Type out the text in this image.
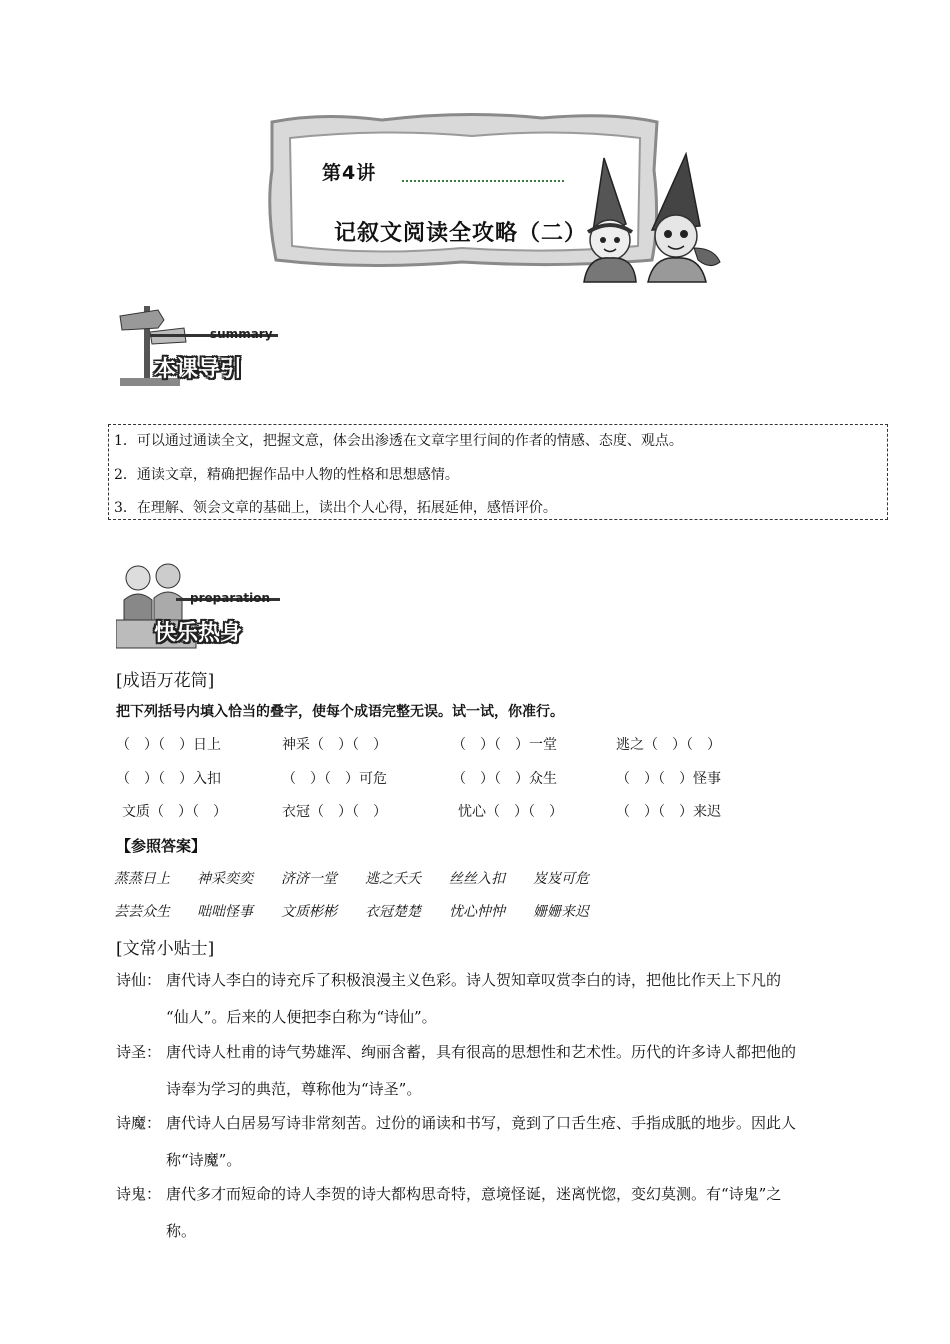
第4讲
记叙文阅读全攻略（二）
summary
本课导引
1．可以通过通读全文，把握文意，体会出渗透在文章字里行间的作者的情感、态度、观点。
2．通读文章，精确把握作品中人物的性格和思想感情。
3．在理解、领会文章的基础上，读出个人心得，拓展延伸，感悟评价。
preparation
快乐热身
[成语万花筒]
把下列括号内填入恰当的叠字，使每个成语完整无误。试一试，你准行。
（　）（　）日上	神采（　）（　）	（　）（　）一堂	逃之（　）（　）
（　）（　）入扣	（　）（　）可危	（　）（　）众生	（　）（　）怪事
文质（　）（　）	衣冠（　）（　）	忧心（　）（　）	（　）（　）来迟
【参照答案】
蒸蒸日上 神采奕奕 济济一堂 逃之夭夭 丝丝入扣 岌岌可危
芸芸众生 咄咄怪事 文质彬彬 衣冠楚楚 忧心忡忡 姗姗来迟
[文常小贴士]
诗仙： 唐代诗人李白的诗充斥了积极浪漫主义色彩。诗人贺知章叹赏李白的诗，把他比作天上下凡的
“仙人”。后来的人便把李白称为“诗仙”。
诗圣： 唐代诗人杜甫的诗气势雄浑、绚丽含蓄，具有很高的思想性和艺术性。历代的许多诗人都把他的
诗奉为学习的典范，尊称他为“诗圣”。
诗魔： 唐代诗人白居易写诗非常刻苦。过份的诵读和书写，竟到了口舌生疮、手指成胝的地步。因此人
称“诗魔”。
诗鬼： 唐代多才而短命的诗人李贺的诗大都构思奇特，意境怪诞，迷离恍惚，变幻莫测。有“诗鬼”之
称。
